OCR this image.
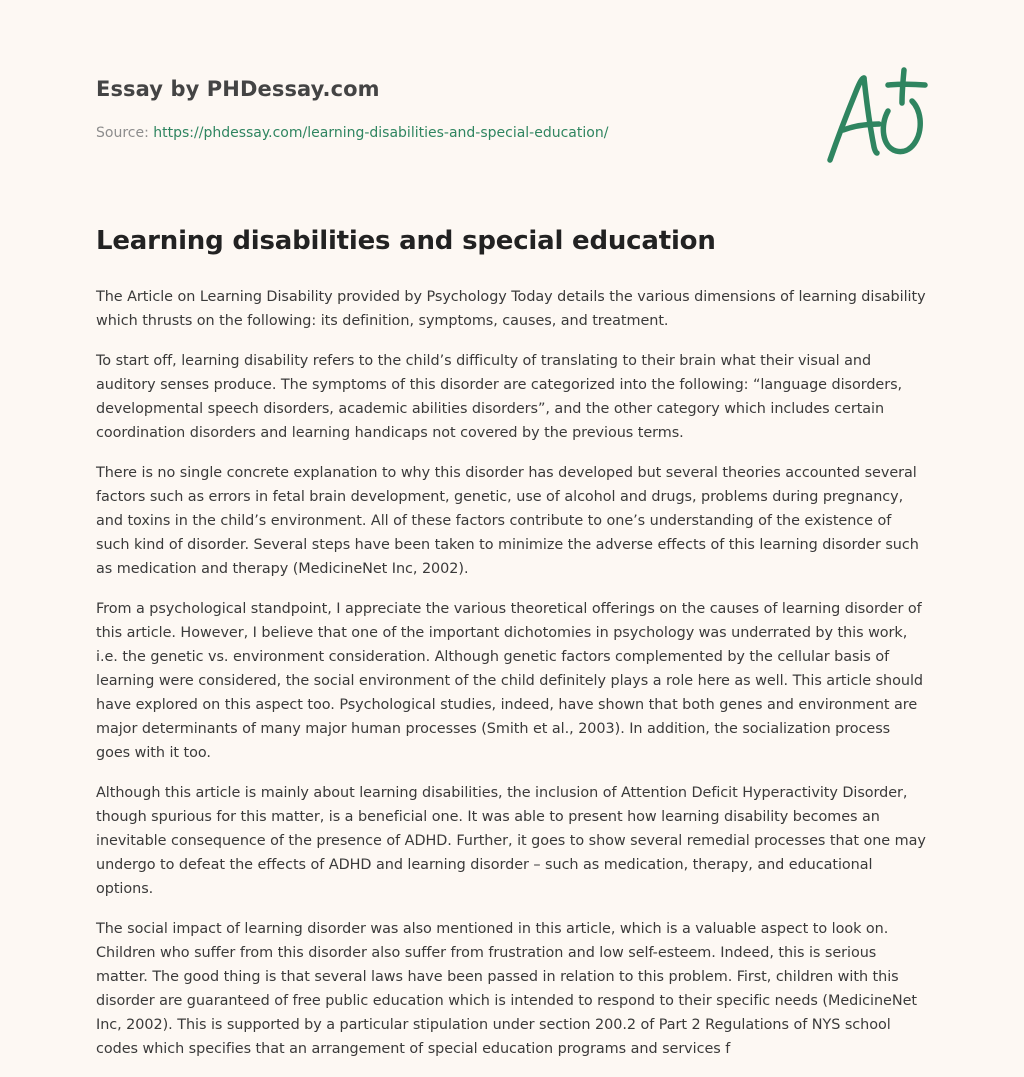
Essay by PHDessay.com

Source: https://phdessay.com/learning-disabilities-and-special-education/

Learning disabilities and special education

The Article on Learning Disability provided by Psychology Today details the various dimensions of learning disability which thrusts on the following: its definition, symptoms, causes, and treatment.

To start off, learning disability refers to the child’s difficulty of translating to their brain what their visual and auditory senses produce. The symptoms of this disorder are categorized into the following: “language disorders, developmental speech disorders, academic abilities disorders”, and the other category which includes certain coordination disorders and learning handicaps not covered by the previous terms.

There is no single concrete explanation to why this disorder has developed but several theories accounted several factors such as errors in fetal brain development, genetic, use of alcohol and drugs, problems during pregnancy, and toxins in the child’s environment. All of these factors contribute to one’s understanding of the existence of such kind of disorder. Several steps have been taken to minimize the adverse effects of this learning disorder such as medication and therapy (MedicineNet Inc, 2002).

From a psychological standpoint, I appreciate the various theoretical offerings on the causes of learning disorder of this article. However, I believe that one of the important dichotomies in psychology was underrated by this work, i.e. the genetic vs. environment consideration. Although genetic factors complemented by the cellular basis of learning were considered, the social environment of the child definitely plays a role here as well. This article should have explored on this aspect too. Psychological studies, indeed, have shown that both genes and environment are major determinants of many major human processes (Smith et al., 2003). In addition, the socialization process goes with it too.

Although this article is mainly about learning disabilities, the inclusion of Attention Deficit Hyperactivity Disorder, though spurious for this matter, is a beneficial one. It was able to present how learning disability becomes an inevitable consequence of the presence of ADHD. Further, it goes to show several remedial processes that one may undergo to defeat the effects of ADHD and learning disorder – such as medication, therapy, and educational options.

The social impact of learning disorder was also mentioned in this article, which is a valuable aspect to look on. Children who suffer from this disorder also suffer from frustration and low self-esteem. Indeed, this is serious matter. The good thing is that several laws have been passed in relation to this problem. First, children with this disorder are guaranteed of free public education which is intended to respond to their specific needs (MedicineNet Inc, 2002). This is supported by a particular stipulation under section 200.2 of Part 2 Regulations of NYS school codes which specifies that an arrangement of special education programs and services f
